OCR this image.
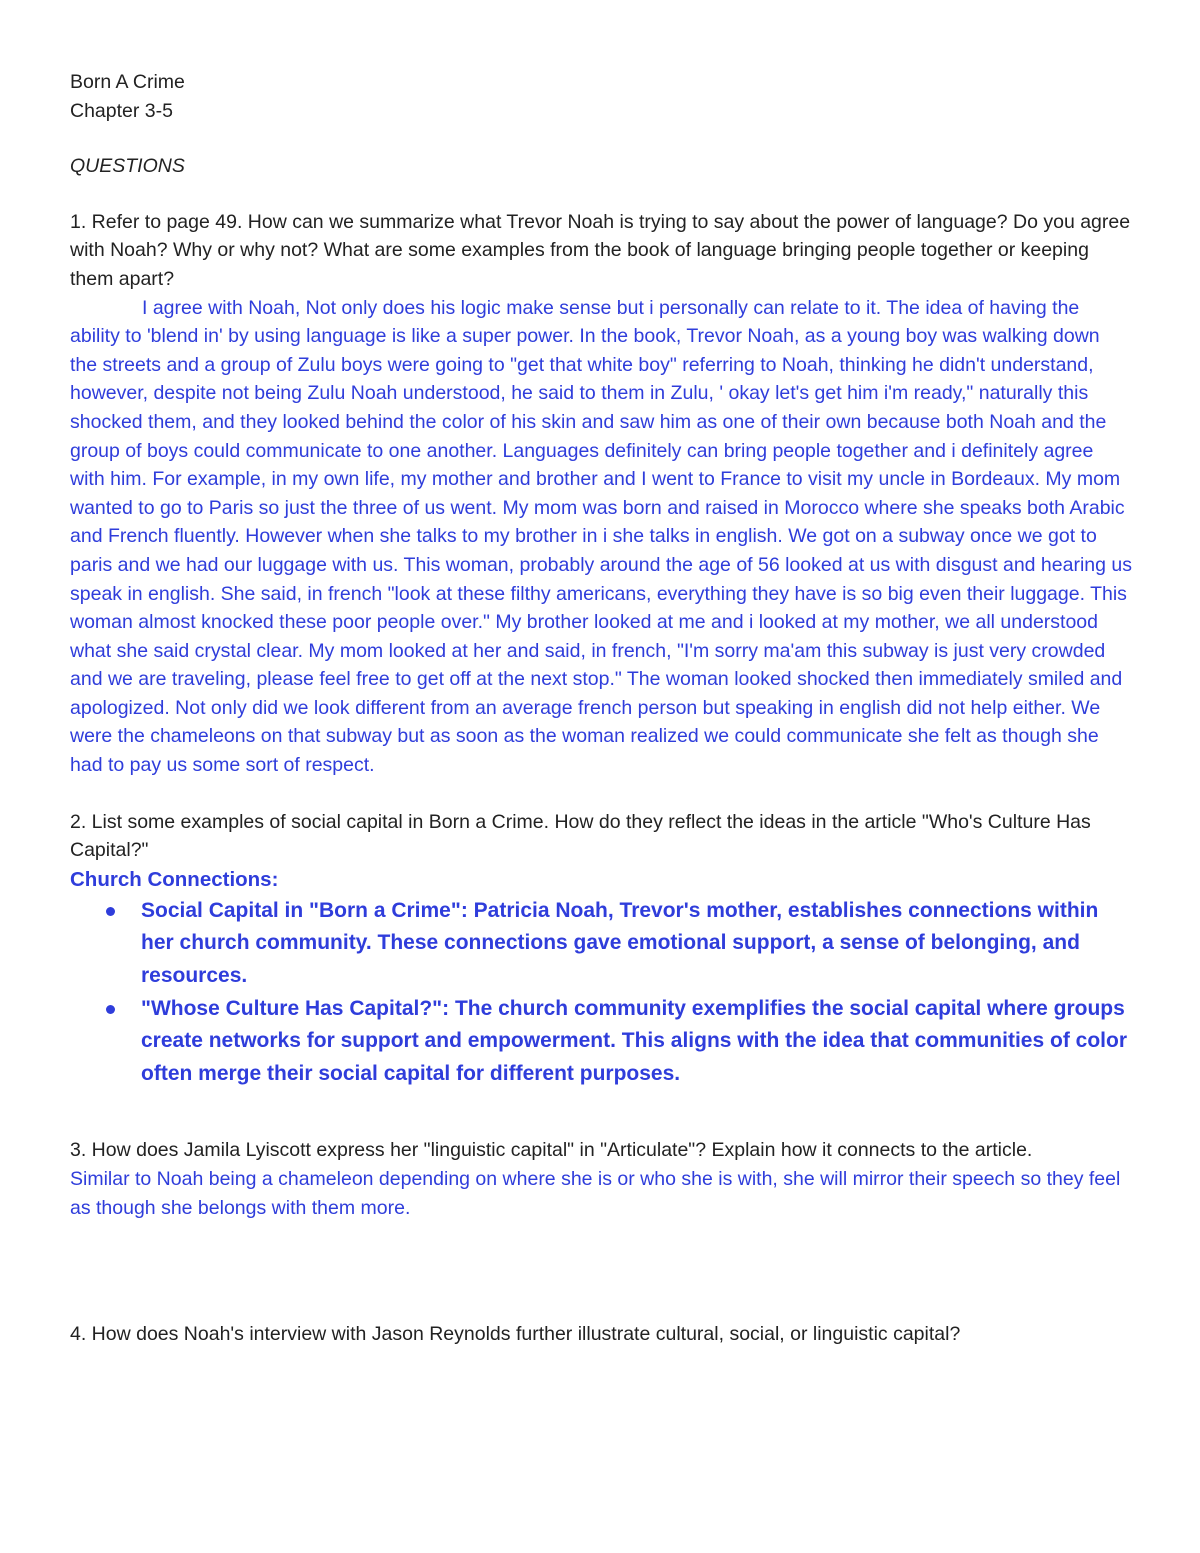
Born A Crime

Chapter 3-5

QUESTIONS

1. Refer to page 49. How can we summarize what Trevor Noah is trying to say about the power of language? Do you agree with Noah? Why or why not? What are some examples from the book of language bringing people together or keeping them apart?

I agree with Noah, Not only does his logic make sense but i personally can relate to it. The idea of having the ability to 'blend in' by using language is like a super power. In the book, Trevor Noah, as a young boy was walking down the streets and a group of Zulu boys were going to "get that white boy" referring to Noah, thinking he didn't understand, however, despite not being Zulu Noah understood, he said to them in Zulu, ' okay let's get him i'm ready," naturally this shocked them, and they looked behind the color of his skin and saw him as one of their own because both Noah and the group of boys could communicate to one another. Languages definitely can bring people together and i definitely agree with him. For example, in my own life, my mother and brother and I went to France to visit my uncle in Bordeaux. My mom wanted to go to Paris so just the three of us went. My mom was born and raised in Morocco where she speaks both Arabic and French fluently. However when she talks to my brother in i she talks in english. We got on a subway once we got to paris and we had our luggage with us. This woman, probably around the age of 56 looked at us with disgust and hearing us speak in english. She said, in french "look at these filthy americans, everything they have is so big even their luggage. This woman almost knocked these poor people over." My brother looked at me and i looked at my mother, we all understood what she said crystal clear. My mom looked at her and said, in french, "I'm sorry ma'am this subway is just very crowded and we are traveling, please feel free to get off at the next stop." The woman looked shocked then immediately smiled and apologized. Not only did we look different from an average french person but speaking in english did not help either. We were the chameleons on that subway but as soon as the woman realized we could communicate she felt as though she had to pay us some sort of respect.

2. List some examples of social capital in Born a Crime. How do they reflect the ideas in the article "Who's Culture Has Capital?"

Church Connections:

Social Capital in "Born a Crime": Patricia Noah, Trevor's mother, establishes connections within her church community. These connections gave emotional support, a sense of belonging, and resources.
"Whose Culture Has Capital?": The church community exemplifies the social capital where groups create networks for support and empowerment. This aligns with the idea that communities of color often merge their social capital for different purposes.

3. How does Jamila Lyiscott express her "linguistic capital" in "Articulate"? Explain how it connects to the article.

Similar to Noah being a chameleon depending on where she is or who she is with, she will mirror their speech so they feel as though she belongs with them more.

4. How does Noah's interview with Jason Reynolds further illustrate cultural, social, or linguistic capital?
